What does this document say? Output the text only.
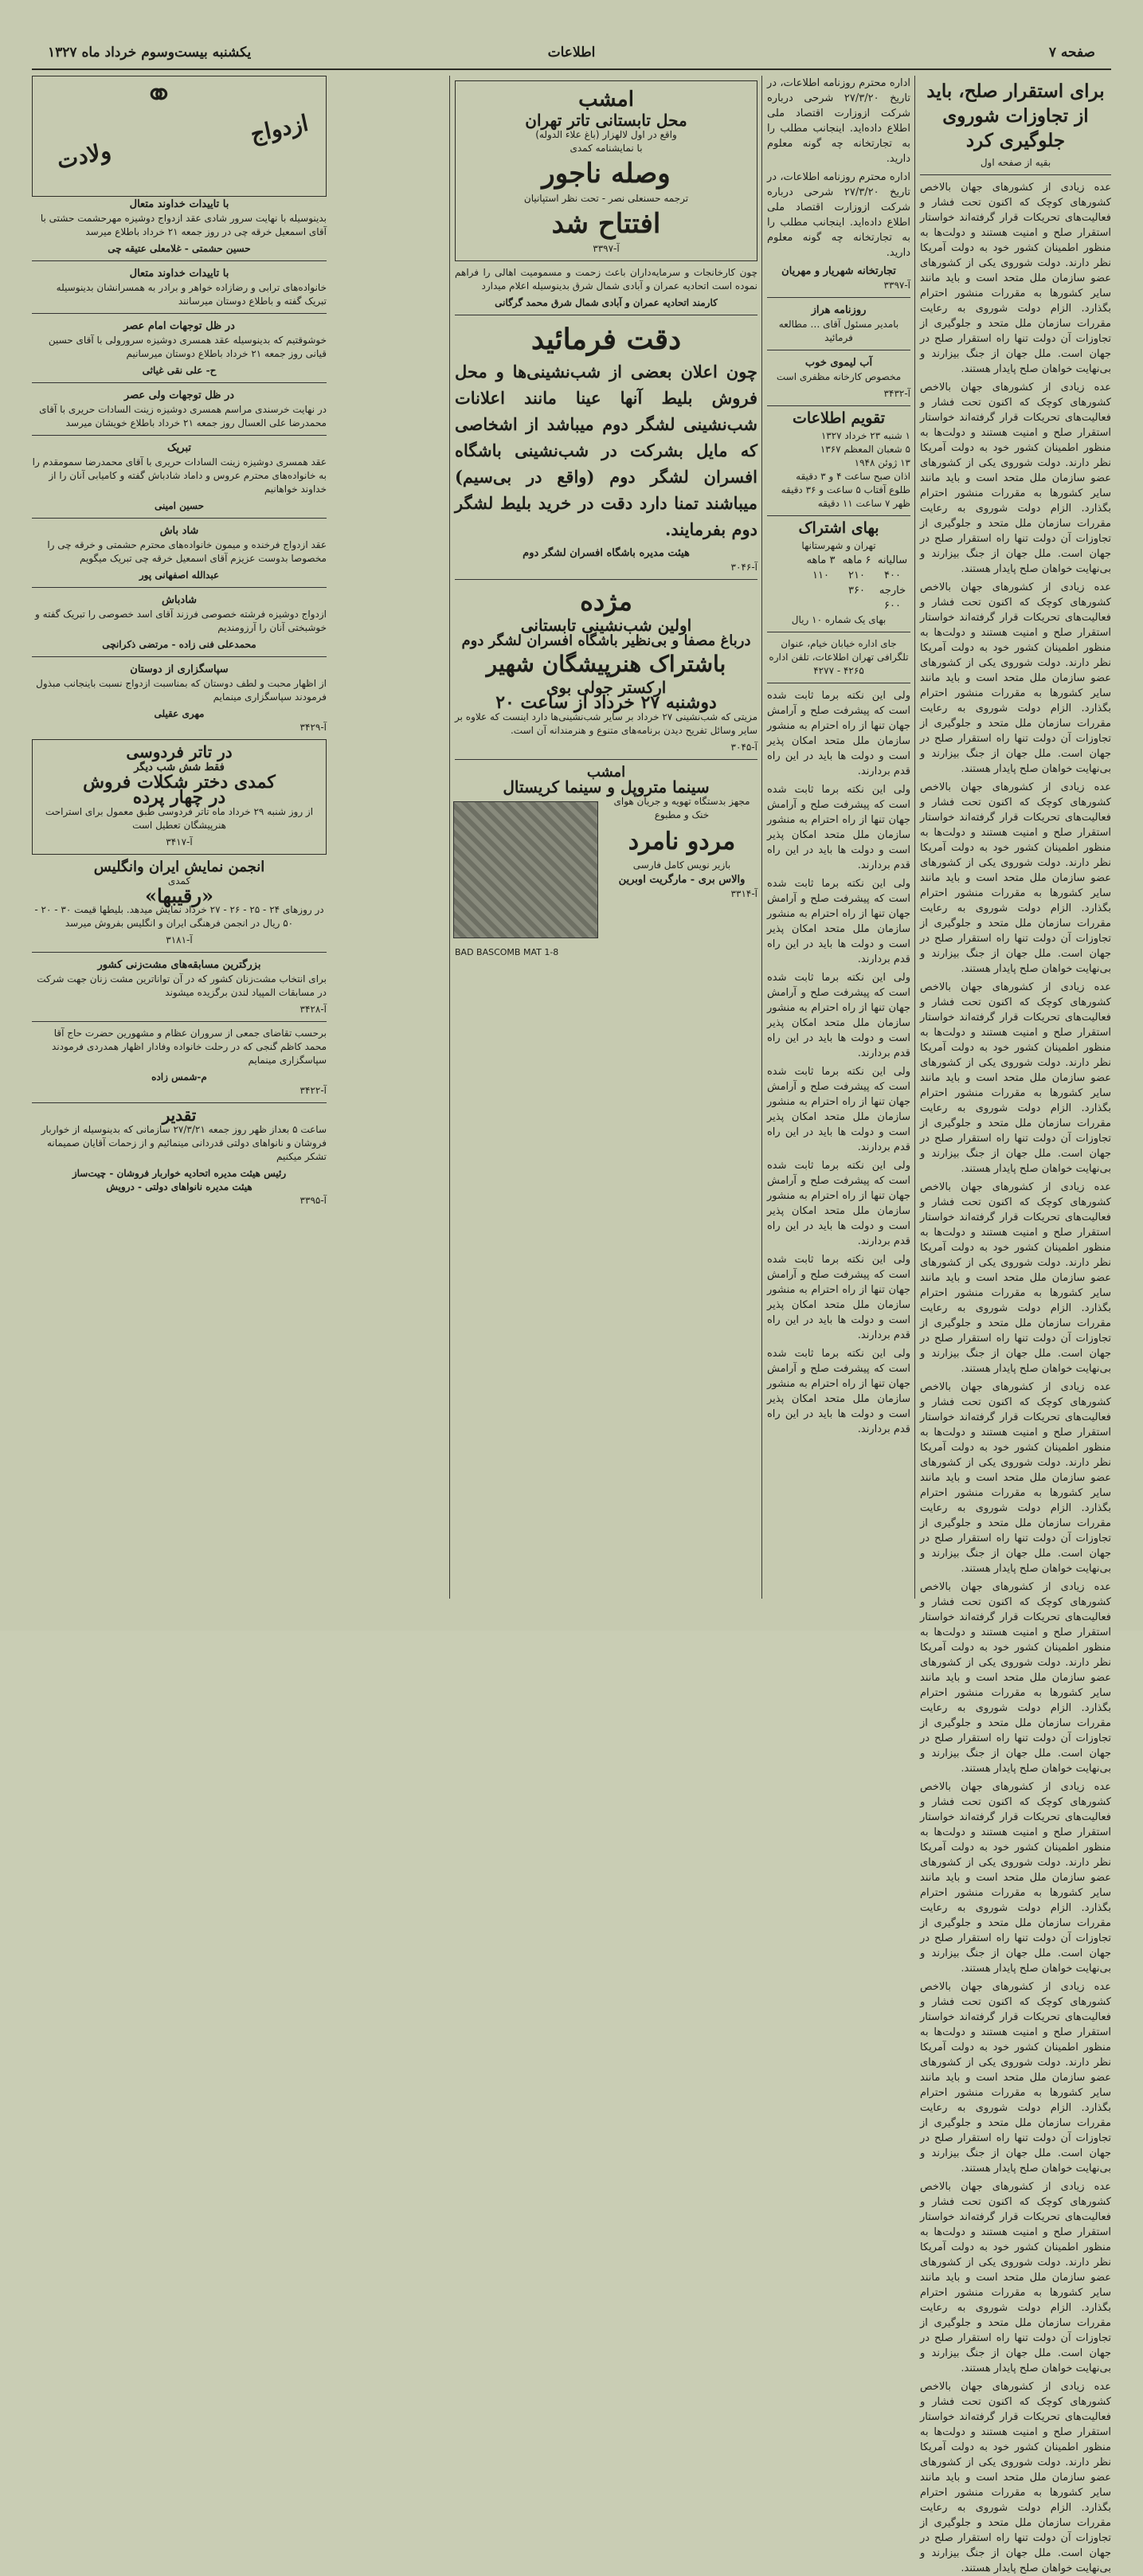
صفحه ۷
اطلاعات
یکشنبه بیست‌وسوم خرداد ماه ۱۳۲۷
برای استقرار صلح، باید از تجاوزات شوروی جلوگیری کرد
بقیه از صفحه اول

عده زیادی از کشورهای جهان بالاخص کشورهای کوچک که اکنون تحت فشار و فعالیت‌های تحریکات قرار گرفته‌اند خواستار استقرار صلح و امنیت هستند و دولت‌ها به منظور اطمینان کشور خود به دولت آمریکا نظر دارند. دولت شوروی یکی از کشورهای عضو سازمان ملل متحد است و باید مانند سایر کشورها به مقررات منشور احترام بگذارد. الزام دولت شوروی به رعایت مقررات سازمان ملل متحد و جلوگیری از تجاوزات آن دولت تنها راه استقرار صلح در جهان است. ملل جهان از جنگ بیزارند و بی‌نهایت خواهان صلح پایدار هستند.

عده زیادی از کشورهای جهان بالاخص کشورهای کوچک که اکنون تحت فشار و فعالیت‌های تحریکات قرار گرفته‌اند خواستار استقرار صلح و امنیت هستند و دولت‌ها به منظور اطمینان کشور خود به دولت آمریکا نظر دارند. دولت شوروی یکی از کشورهای عضو سازمان ملل متحد است و باید مانند سایر کشورها به مقررات منشور احترام بگذارد. الزام دولت شوروی به رعایت مقررات سازمان ملل متحد و جلوگیری از تجاوزات آن دولت تنها راه استقرار صلح در جهان است. ملل جهان از جنگ بیزارند و بی‌نهایت خواهان صلح پایدار هستند.

عده زیادی از کشورهای جهان بالاخص کشورهای کوچک که اکنون تحت فشار و فعالیت‌های تحریکات قرار گرفته‌اند خواستار استقرار صلح و امنیت هستند و دولت‌ها به منظور اطمینان کشور خود به دولت آمریکا نظر دارند. دولت شوروی یکی از کشورهای عضو سازمان ملل متحد است و باید مانند سایر کشورها به مقررات منشور احترام بگذارد. الزام دولت شوروی به رعایت مقررات سازمان ملل متحد و جلوگیری از تجاوزات آن دولت تنها راه استقرار صلح در جهان است. ملل جهان از جنگ بیزارند و بی‌نهایت خواهان صلح پایدار هستند.

عده زیادی از کشورهای جهان بالاخص کشورهای کوچک که اکنون تحت فشار و فعالیت‌های تحریکات قرار گرفته‌اند خواستار استقرار صلح و امنیت هستند و دولت‌ها به منظور اطمینان کشور خود به دولت آمریکا نظر دارند. دولت شوروی یکی از کشورهای عضو سازمان ملل متحد است و باید مانند سایر کشورها به مقررات منشور احترام بگذارد. الزام دولت شوروی به رعایت مقررات سازمان ملل متحد و جلوگیری از تجاوزات آن دولت تنها راه استقرار صلح در جهان است. ملل جهان از جنگ بیزارند و بی‌نهایت خواهان صلح پایدار هستند.

عده زیادی از کشورهای جهان بالاخص کشورهای کوچک که اکنون تحت فشار و فعالیت‌های تحریکات قرار گرفته‌اند خواستار استقرار صلح و امنیت هستند و دولت‌ها به منظور اطمینان کشور خود به دولت آمریکا نظر دارند. دولت شوروی یکی از کشورهای عضو سازمان ملل متحد است و باید مانند سایر کشورها به مقررات منشور احترام بگذارد. الزام دولت شوروی به رعایت مقررات سازمان ملل متحد و جلوگیری از تجاوزات آن دولت تنها راه استقرار صلح در جهان است. ملل جهان از جنگ بیزارند و بی‌نهایت خواهان صلح پایدار هستند.

عده زیادی از کشورهای جهان بالاخص کشورهای کوچک که اکنون تحت فشار و فعالیت‌های تحریکات قرار گرفته‌اند خواستار استقرار صلح و امنیت هستند و دولت‌ها به منظور اطمینان کشور خود به دولت آمریکا نظر دارند. دولت شوروی یکی از کشورهای عضو سازمان ملل متحد است و باید مانند سایر کشورها به مقررات منشور احترام بگذارد. الزام دولت شوروی به رعایت مقررات سازمان ملل متحد و جلوگیری از تجاوزات آن دولت تنها راه استقرار صلح در جهان است. ملل جهان از جنگ بیزارند و بی‌نهایت خواهان صلح پایدار هستند.

عده زیادی از کشورهای جهان بالاخص کشورهای کوچک که اکنون تحت فشار و فعالیت‌های تحریکات قرار گرفته‌اند خواستار استقرار صلح و امنیت هستند و دولت‌ها به منظور اطمینان کشور خود به دولت آمریکا نظر دارند. دولت شوروی یکی از کشورهای عضو سازمان ملل متحد است و باید مانند سایر کشورها به مقررات منشور احترام بگذارد. الزام دولت شوروی به رعایت مقررات سازمان ملل متحد و جلوگیری از تجاوزات آن دولت تنها راه استقرار صلح در جهان است. ملل جهان از جنگ بیزارند و بی‌نهایت خواهان صلح پایدار هستند.

عده زیادی از کشورهای جهان بالاخص کشورهای کوچک که اکنون تحت فشار و فعالیت‌های تحریکات قرار گرفته‌اند خواستار استقرار صلح و امنیت هستند و دولت‌ها به منظور اطمینان کشور خود به دولت آمریکا نظر دارند. دولت شوروی یکی از کشورهای عضو سازمان ملل متحد است و باید مانند سایر کشورها به مقررات منشور احترام بگذارد. الزام دولت شوروی به رعایت مقررات سازمان ملل متحد و جلوگیری از تجاوزات آن دولت تنها راه استقرار صلح در جهان است. ملل جهان از جنگ بیزارند و بی‌نهایت خواهان صلح پایدار هستند.

عده زیادی از کشورهای جهان بالاخص کشورهای کوچک که اکنون تحت فشار و فعالیت‌های تحریکات قرار گرفته‌اند خواستار استقرار صلح و امنیت هستند و دولت‌ها به منظور اطمینان کشور خود به دولت آمریکا نظر دارند. دولت شوروی یکی از کشورهای عضو سازمان ملل متحد است و باید مانند سایر کشورها به مقررات منشور احترام بگذارد. الزام دولت شوروی به رعایت مقررات سازمان ملل متحد و جلوگیری از تجاوزات آن دولت تنها راه استقرار صلح در جهان است. ملل جهان از جنگ بیزارند و بی‌نهایت خواهان صلح پایدار هستند.

عده زیادی از کشورهای جهان بالاخص کشورهای کوچک که اکنون تحت فشار و فعالیت‌های تحریکات قرار گرفته‌اند خواستار استقرار صلح و امنیت هستند و دولت‌ها به منظور اطمینان کشور خود به دولت آمریکا نظر دارند. دولت شوروی یکی از کشورهای عضو سازمان ملل متحد است و باید مانند سایر کشورها به مقررات منشور احترام بگذارد. الزام دولت شوروی به رعایت مقررات سازمان ملل متحد و جلوگیری از تجاوزات آن دولت تنها راه استقرار صلح در جهان است. ملل جهان از جنگ بیزارند و بی‌نهایت خواهان صلح پایدار هستند.

عده زیادی از کشورهای جهان بالاخص کشورهای کوچک که اکنون تحت فشار و فعالیت‌های تحریکات قرار گرفته‌اند خواستار استقرار صلح و امنیت هستند و دولت‌ها به منظور اطمینان کشور خود به دولت آمریکا نظر دارند. دولت شوروی یکی از کشورهای عضو سازمان ملل متحد است و باید مانند سایر کشورها به مقررات منشور احترام بگذارد. الزام دولت شوروی به رعایت مقررات سازمان ملل متحد و جلوگیری از تجاوزات آن دولت تنها راه استقرار صلح در جهان است. ملل جهان از جنگ بیزارند و بی‌نهایت خواهان صلح پایدار هستند.

عده زیادی از کشورهای جهان بالاخص کشورهای کوچک که اکنون تحت فشار و فعالیت‌های تحریکات قرار گرفته‌اند خواستار استقرار صلح و امنیت هستند و دولت‌ها به منظور اطمینان کشور خود به دولت آمریکا نظر دارند. دولت شوروی یکی از کشورهای عضو سازمان ملل متحد است و باید مانند سایر کشورها به مقررات منشور احترام بگذارد. الزام دولت شوروی به رعایت مقررات سازمان ملل متحد و جلوگیری از تجاوزات آن دولت تنها راه استقرار صلح در جهان است. ملل جهان از جنگ بیزارند و بی‌نهایت خواهان صلح پایدار هستند.

اداره محترم روزنامه اطلاعات، در تاریخ ۲۷/۳/۲۰ شرحی درباره شرکت ازوزارت اقتصاد ملی اطلاع داده‌اید. اینجانب مطلب را به تجارتخانه چه گونه معلوم دارید.

اداره محترم روزنامه اطلاعات، در تاریخ ۲۷/۳/۲۰ شرحی درباره شرکت ازوزارت اقتصاد ملی اطلاع داده‌اید. اینجانب مطلب را به تجارتخانه چه گونه معلوم دارید.

تجارتخانه شهریار و مهریان
آ-۳۳۹۷
روزنامه هراز

بامدیر مسئول آقای … مطالعه فرمائید

آب لیموی خوب

مخصوص کارخانه مظفری است

آ-۳۴۳۲
تقویم اطلاعات
۱ شنبه ۲۳ خرداد ۱۳۲۷
۵ شعبان المعظم ۱۳۶۷
۱۳ ژوئن ۱۹۴۸
اذان صبح ساعت ۴ و ۳ دقیقه
طلوع آفتاب ۵ ساعت و ۳۶ دقیقه
ظهر ۷ ساعت ۱۱ دقیقه
بهای اشتراک
تهران و شهرستانها
سالیانه
۶ ماهه
۳ ماهه
۴۰۰
۲۱۰
۱۱۰
خارجه ۶۰۰
۳۶۰
بهای یک شماره ۱۰ ریال

جای اداره خیابان خیام، عنوان تلگرافی تهران اطلاعات، تلفن اداره ۴۲۶۵ - ۴۲۷۷

ولی این نکته برما ثابت شده است که پیشرفت صلح و آرامش جهان تنها از راه احترام به منشور سازمان ملل متحد امکان پذیر است و دولت ها باید در این راه قدم بردارند.

ولی این نکته برما ثابت شده است که پیشرفت صلح و آرامش جهان تنها از راه احترام به منشور سازمان ملل متحد امکان پذیر است و دولت ها باید در این راه قدم بردارند.

ولی این نکته برما ثابت شده است که پیشرفت صلح و آرامش جهان تنها از راه احترام به منشور سازمان ملل متحد امکان پذیر است و دولت ها باید در این راه قدم بردارند.

ولی این نکته برما ثابت شده است که پیشرفت صلح و آرامش جهان تنها از راه احترام به منشور سازمان ملل متحد امکان پذیر است و دولت ها باید در این راه قدم بردارند.

ولی این نکته برما ثابت شده است که پیشرفت صلح و آرامش جهان تنها از راه احترام به منشور سازمان ملل متحد امکان پذیر است و دولت ها باید در این راه قدم بردارند.

ولی این نکته برما ثابت شده است که پیشرفت صلح و آرامش جهان تنها از راه احترام به منشور سازمان ملل متحد امکان پذیر است و دولت ها باید در این راه قدم بردارند.

ولی این نکته برما ثابت شده است که پیشرفت صلح و آرامش جهان تنها از راه احترام به منشور سازمان ملل متحد امکان پذیر است و دولت ها باید در این راه قدم بردارند.

ولی این نکته برما ثابت شده است که پیشرفت صلح و آرامش جهان تنها از راه احترام به منشور سازمان ملل متحد امکان پذیر است و دولت ها باید در این راه قدم بردارند.

امشب
محل تابستانی تاتر تهران
واقع در اول لالهزار (باغ علاء الدوله)
با نمایشنامه کمدی
وصله ناجور
ترجمه حسنعلی نصر - تحت نظر استپانیان
افتتاح شد
آ-۳۳۹۷

چون کارخانجات و سرمایه‌داران باعث زحمت و مسمومیت اهالی را فراهم نموده است اتحادیه عمران و آبادی شمال شرق بدینوسیله اعلام میدارد

کارمند اتحادیه عمران و آبادی شمال شرق محمد گرگانی
دقت فرمائید

چون اعلان بعضی از شب‌نشینی‌ها و محل فروش بلیط آنها عینا مانند اعلانات شب‌نشینی لشگر دوم میباشد از اشخاصی که مایل بشرکت در شب‌نشینی باشگاه افسران لشگر دوم (واقع در بی‌سیم) میباشند تمنا دارد دقت در خرید بلیط لشگر دوم بفرمایند.

هیئت مدیره باشگاه افسران لشگر دوم
آ-۳۰۴۶
مژده
اولین شب‌نشینی تابستانی
درباغ مصفا و بی‌نظیر باشگاه افسران لشگر دوم
باشتراک هنرپیشگان شهیر
ارکستر جولی بوی
دوشنبه ۲۷ خرداد از ساعت ۲۰

مزیتی که شب‌نشینی ۲۷ خرداد بر سایر شب‌نشینی‌ها دارد اینست که علاوه بر سایر وسائل تفریح دیدن برنامه‌های متنوع و هنرمندانه آن است.

آ-۳۰۴۵
امشب
سینما متروپل و سینما کریستال

مجهز بدستگاه تهویه و جریان هوای خنک و مطبوع

مردو نامرد
بازیر نویس کامل فارسی
والاس بری - مارگریت اوبرین
آ-۳۳۱۴
BAD BASCOMB MAT 1-8
⚭
ازدواج
ولادت
با تاییدات خداوند متعال

بدینوسیله با نهایت سرور شادی عقد ازدواج دوشیزه مهرحشمت حشتی با آقای اسمعیل خرقه چی در روز جمعه ۲۱ خرداد باطلاع میرسد

حسین حشمتی - غلامعلی عتیقه چی
با تاییدات خداوند متعال

خانواده‌های ترابی و رضازاده خواهر و برادر به همسرانشان بدینوسیله تبریک گفته و باطلاع دوستان میرسانند

در ظل توجهات امام عصر

خوشوقتیم که بدینوسیله عقد همسری دوشیزه سرورولی با آقای حسین قیانی روز جمعه ۲۱ خرداد باطلاع دوستان میرسانیم

ح- علی نقی غیاثی
در ظل توجهات ولی عصر

در نهایت خرسندی مراسم همسری دوشیزه زینت السادات حریری با آقای محمدرضا علی العسال روز جمعه ۲۱ خرداد باطلاع خویشان میرسد

تبریک

عقد همسری دوشیزه زینت السادات حریری با آقای محمدرضا سمومقدم را به خانواده‌های محترم عروس و داماد شادباش گفته و کامیابی آنان را از خداوند خواهانیم

حسین امینی
شاد باش

عقد ازدواج فرخنده و میمون خانواده‌های محترم حشمتی و خرقه چی را مخصوصا بدوست عزیزم آقای اسمعیل خرقه چی تبریک میگویم

عبدالله اصفهانی پور
شادباش

ازدواج دوشیزه فرشته خصوصی فرزند آقای اسد خصوصی را تبریک گفته و خوشبختی آنان را آرزومندیم

محمدعلی فنی زاده - مرتضی ذکرانچی
سپاسگزاری از دوستان

از اظهار محبت و لطف دوستان که بمناسبت ازدواج نسبت باینجانب مبذول فرمودند سپاسگزاری مینمایم

مهری عقیلی
آ-۳۴۲۹
در تاتر فردوسی
فقط شش شب دیگر
کمدی دختر شکلات فروش
در چهار پرده

از روز شنبه ۲۹ خرداد ماه تاتر فردوسی طبق معمول برای استراحت هنرپیشگان تعطیل است

آ-۳۴۱۷
انجمن نمایش ایران وانگلیس
کمدی
«رقیبها»

در روزهای ۲۴ - ۲۵ - ۲۶ - ۲۷ خرداد نمایش میدهد. بلیطها قیمت ۳۰ - ۲۰ - ۵۰ ریال در انجمن فرهنگی ایران و انگلیس بفروش میرسد

آ-۳۱۸۱
بزرگترین مسابقه‌های مشت‌زنی کشور

برای انتخاب مشت‌زنان کشور که در آن تواناترین مشت زنان جهت شرکت در مسابقات المپیاد لندن برگزیده میشوند

آ-۳۴۲۸

برحسب تقاضای جمعی از سروران عظام و مشهورین حضرت حاج آقا محمد کاظم گنجی که در رحلت خانواده وفادار اظهار همدردی فرمودند سپاسگزاری مینمایم

م-شمس زاده
آ-۳۴۲۲
تقدیر

ساعت ۵ بعداز ظهر روز جمعه ۲۷/۳/۲۱ سازمانی که بدینوسیله از خواربار فروشان و نانواهای دولتی قدردانی مینمائیم و از زحمات آقایان صمیمانه تشکر میکنیم

رئیس هیئت مدیره اتحادیه خواربار فروشان - چیت‌ساز
هیئت مدیره نانواهای دولتی - درویش
آ-۳۳۹۵
